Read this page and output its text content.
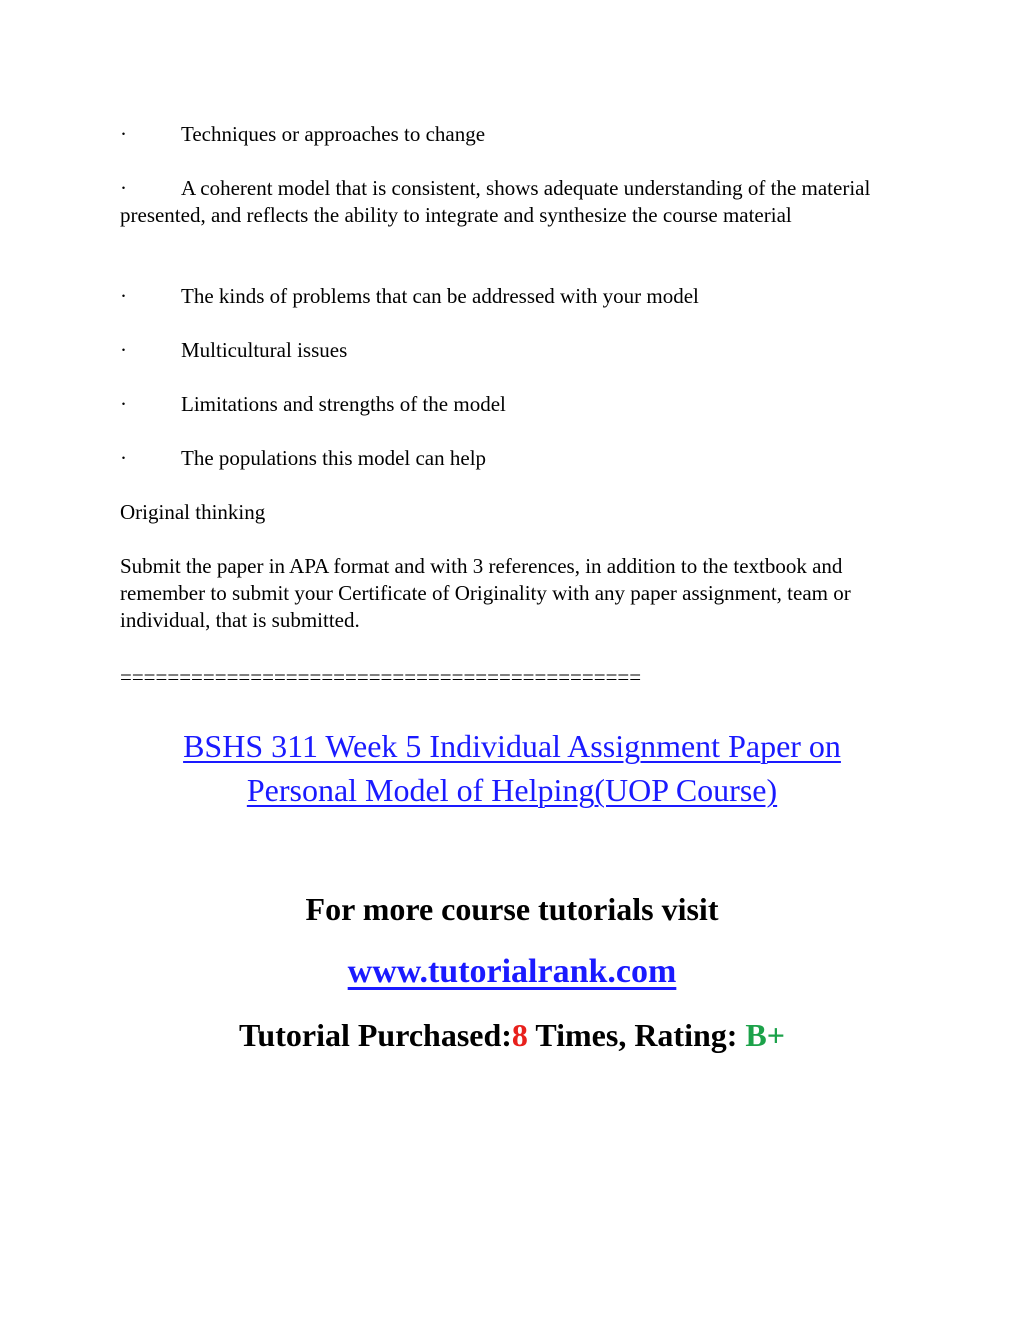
·	Techniques or approaches to change
·	A coherent model that is consistent, shows adequate understanding of the material presented, and reflects the ability to integrate and synthesize the course material
·	The kinds of problems that can be addressed with your model
·	Multicultural issues
·	Limitations and strengths of the model
·	The populations this model can help
Original thinking
Submit the paper in APA format and with 3 references, in addition to the textbook and remember to submit your Certificate of Originality with any paper assignment, team or individual, that is submitted.
============================================
BSHS 311 Week 5 Individual Assignment Paper on
Personal Model of Helping(UOP Course)
For more course tutorials visit
www.tutorialrank.com
Tutorial Purchased:8 Times, Rating: B+
